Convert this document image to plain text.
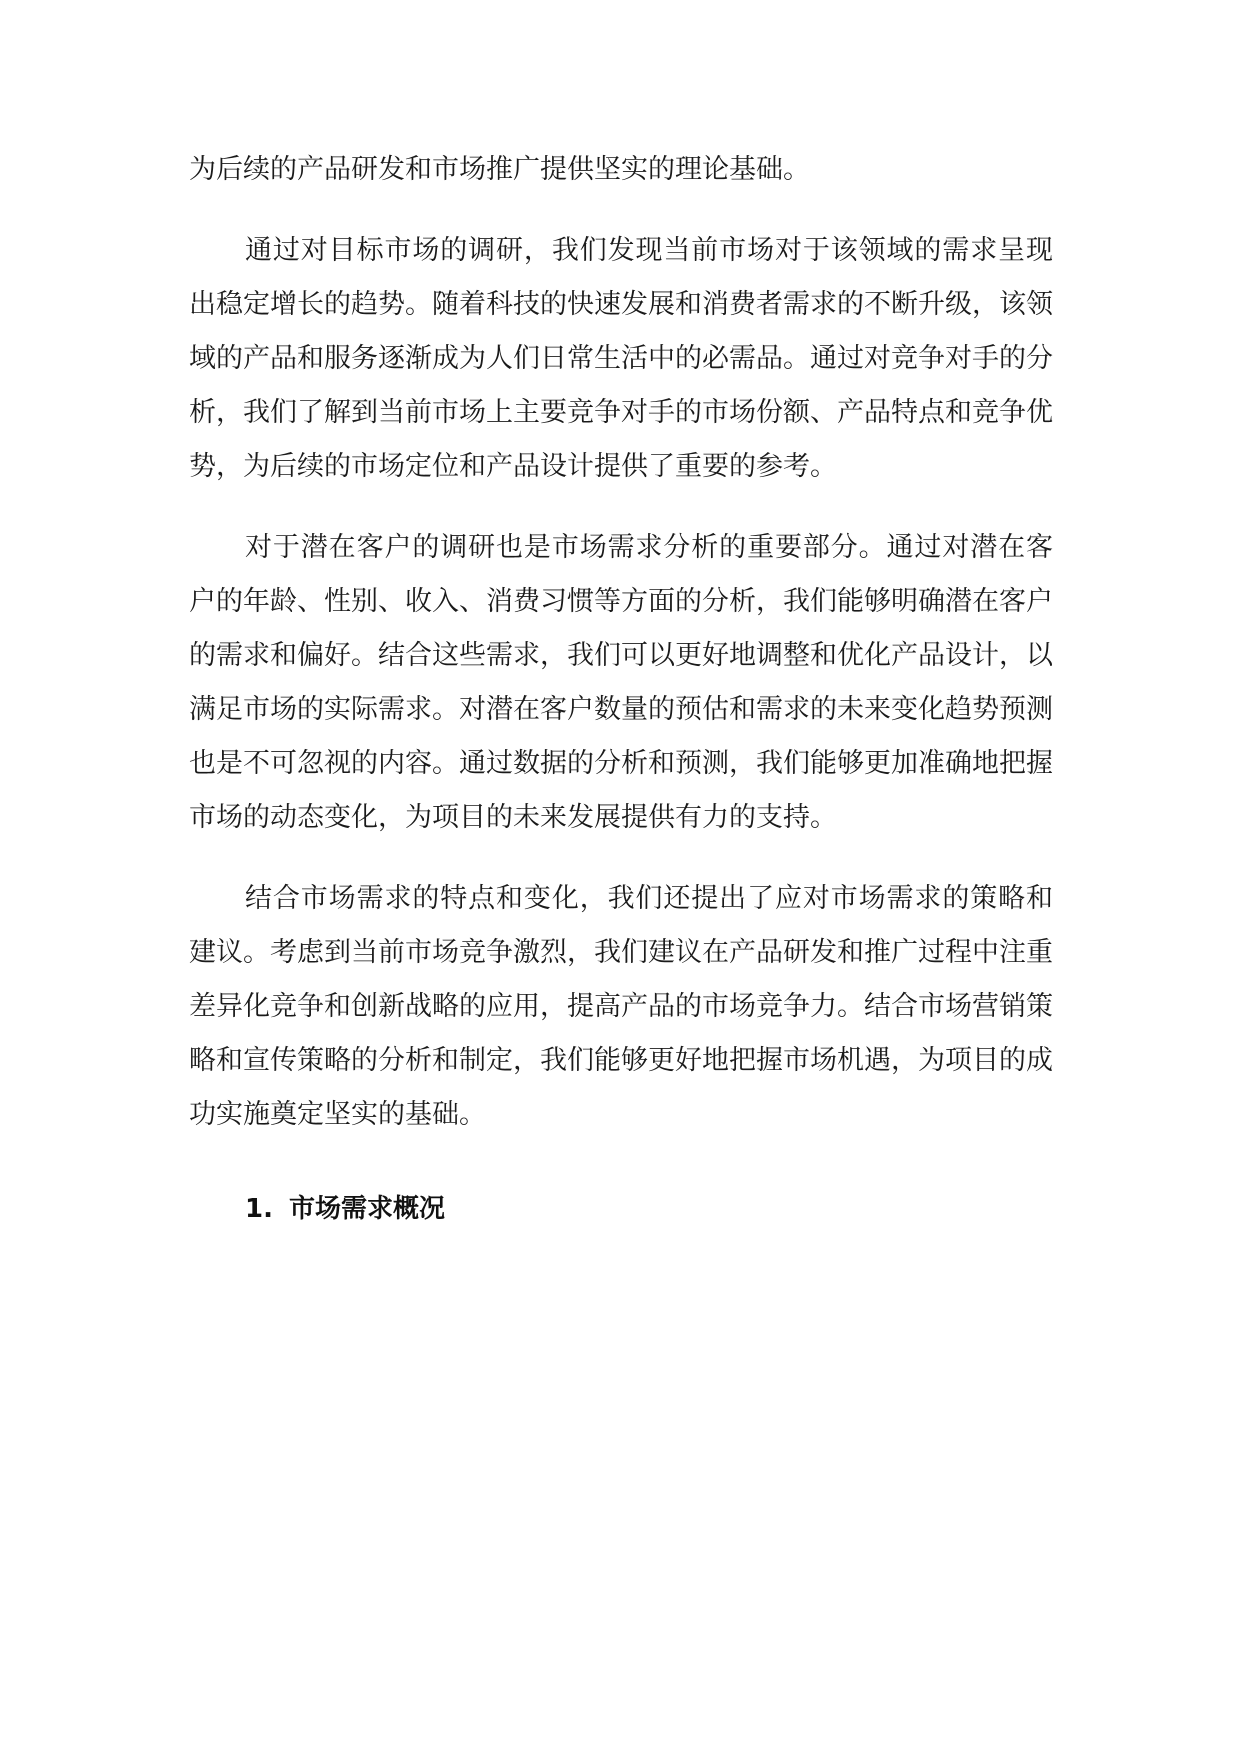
为后续的产品研发和市场推广提供坚实的理论基础。

通过对目标市场的调研，我们发现当前市场对于该领域的需求呈现出稳定增长的趋势。随着科技的快速发展和消费者需求的不断升级，该领域的产品和服务逐渐成为人们日常生活中的必需品。通过对竞争对手的分析，我们了解到当前市场上主要竞争对手的市场份额、产品特点和竞争优势，为后续的市场定位和产品设计提供了重要的参考。

对于潜在客户的调研也是市场需求分析的重要部分。通过对潜在客户的年龄、性别、收入、消费习惯等方面的分析，我们能够明确潜在客户的需求和偏好。结合这些需求，我们可以更好地调整和优化产品设计，以满足市场的实际需求。对潜在客户数量的预估和需求的未来变化趋势预测也是不可忽视的内容。通过数据的分析和预测，我们能够更加准确地把握市场的动态变化，为项目的未来发展提供有力的支持。

结合市场需求的特点和变化，我们还提出了应对市场需求的策略和建议。考虑到当前市场竞争激烈，我们建议在产品研发和推广过程中注重差异化竞争和创新战略的应用，提高产品的市场竞争力。结合市场营销策略和宣传策略的分析和制定，我们能够更好地把握市场机遇，为项目的成功实施奠定坚实的基础。

1. 市场需求概况
